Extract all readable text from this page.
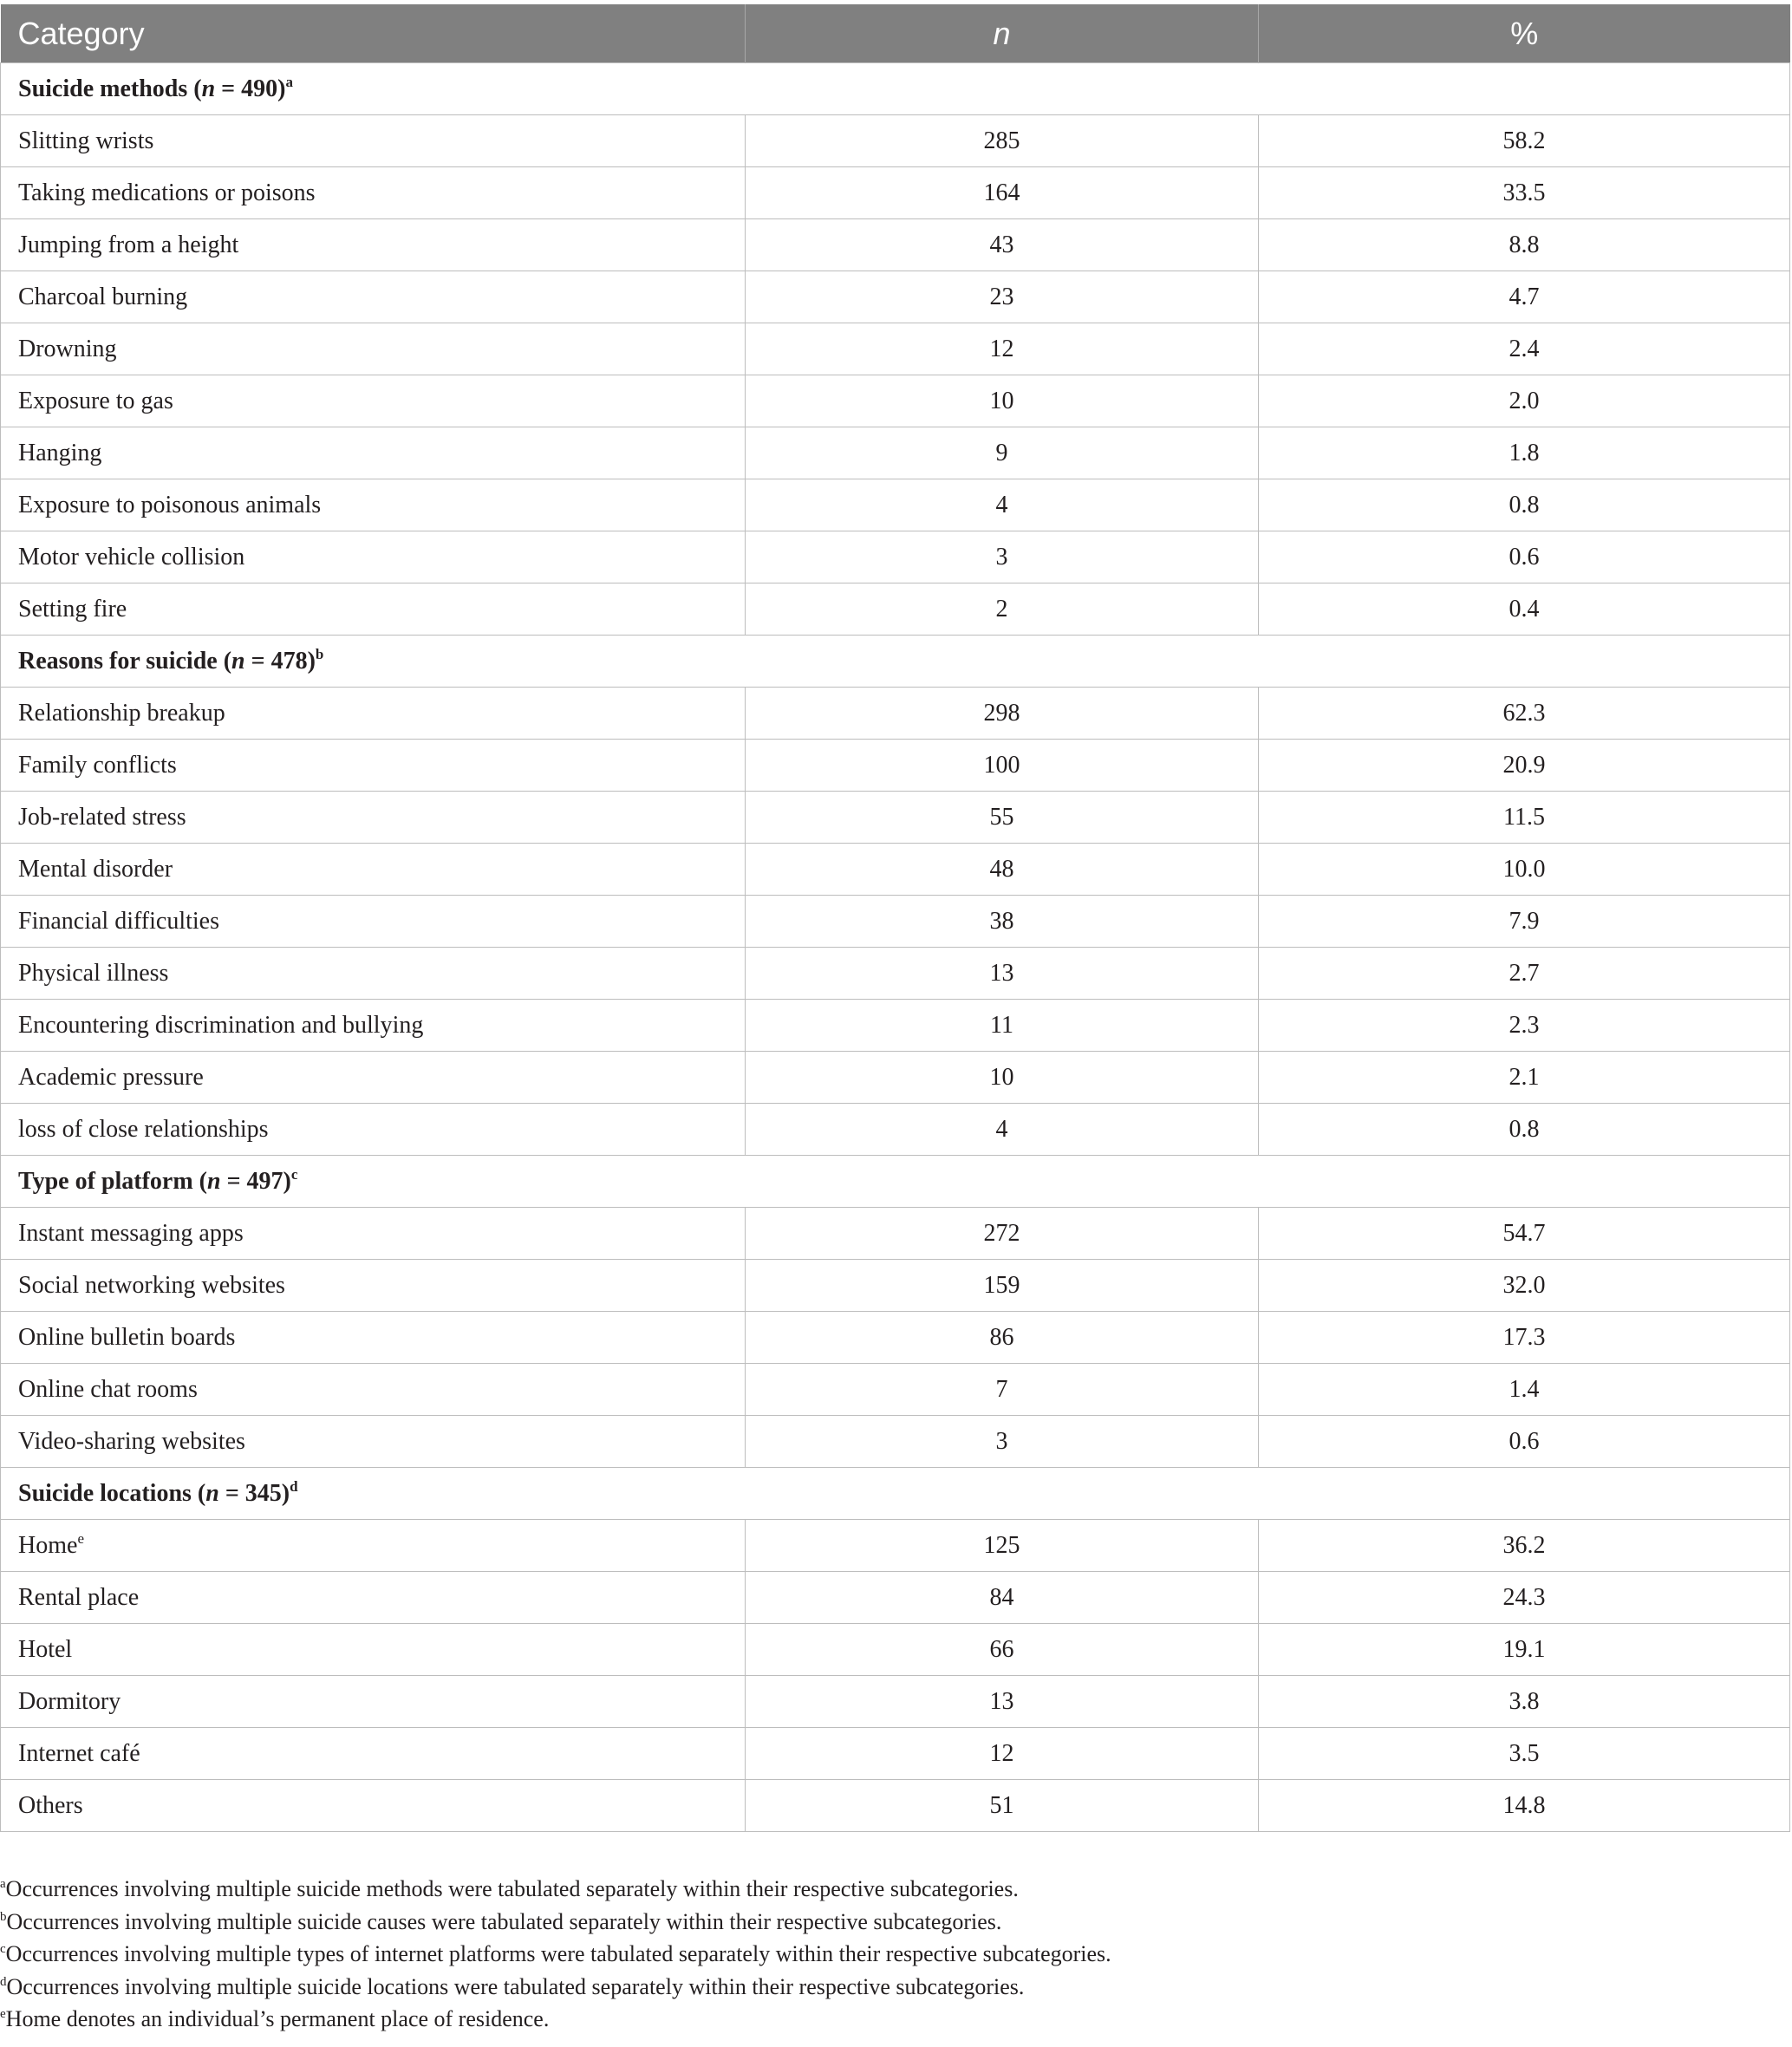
Category	n	%
Suicide methods (n = 490)$^a$
Slitting wrists	285	58.2
Taking medications or poisons	164	33.5
Jumping from a height	43	8.8
Charcoal burning	23	4.7
Drowning	12	2.4
Exposure to gas	10	2.0
Hanging	9	1.8
Exposure to poisonous animals	4	0.8
Motor vehicle collision	3	0.6
Setting fire	2	0.4
Reasons for suicide (n = 478)$^b$
Relationship breakup	298	62.3
Family conflicts	100	20.9
Job-related stress	55	11.5
Mental disorder	48	10.0
Financial difficulties	38	7.9
Physical illness	13	2.7
Encountering discrimination and bullying	11	2.3
Academic pressure	10	2.1
loss of close relationships	4	0.8
Type of platform (n = 497)$^c$
Instant messaging apps	272	54.7
Social networking websites	159	32.0
Online bulletin boards	86	17.3
Online chat rooms	7	1.4
Video-sharing websites	3	0.6
Suicide locations (n = 345)$^d$
Home$^e$	125	36.2
Rental place	84	24.3
Hotel	66	19.1
Dormitory	13	3.8
Internet café	12	3.5
Others	51	14.8
$^a$Occurrences involving multiple suicide methods were tabulated separately within their respective subcategories.
$^b$Occurrences involving multiple suicide causes were tabulated separately within their respective subcategories.
$^c$Occurrences involving multiple types of internet platforms were tabulated separately within their respective subcategories.
$^d$Occurrences involving multiple suicide locations were tabulated separately within their respective subcategories.
$^e$Home denotes an individual’s permanent place of residence.
